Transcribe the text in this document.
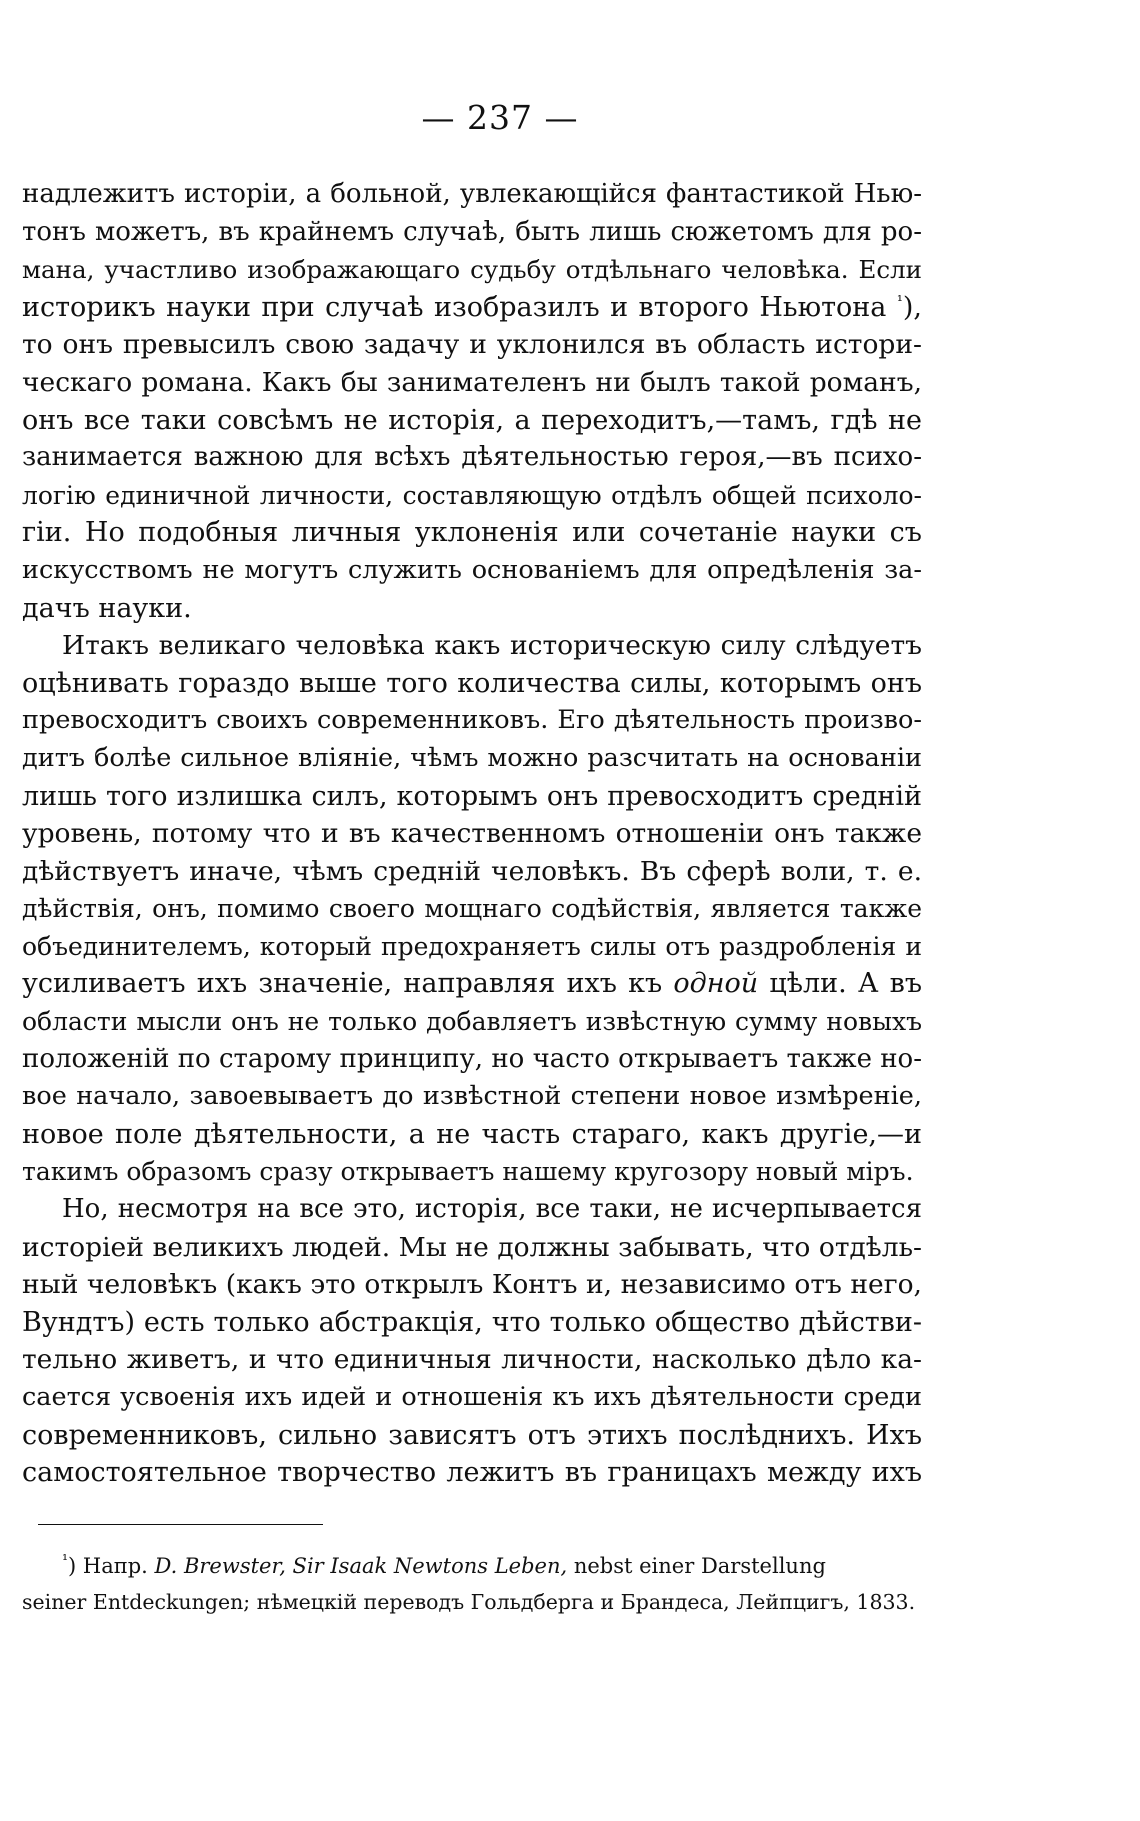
— 237 —
надлежитъ исторіи, а больной, увлекающійся фантастикой Нью-
тонъ можетъ, въ крайнемъ случаѣ, быть лишь сюжетомъ для ро-
мана, участливо изображающаго судьбу отдѣльнаго человѣка. Если
историкъ науки при случаѣ изобразилъ и второго Ньютона $^{^1}$),
то онъ превысилъ свою задачу и уклонился въ область истори-
ческаго романа. Какъ бы занимателенъ ни былъ такой романъ,
онъ все таки совсѣмъ не исторія, а переходитъ,—тамъ, гдѣ не
занимается важною для всѣхъ дѣятельностью героя,—въ психо-
логію единичной личности, составляющую отдѣлъ общей психоло-
гіи. Но подобныя личныя уклоненія или сочетаніе науки съ
искусствомъ не могутъ служить основаніемъ для опредѣленія за-
дачъ науки.
Итакъ великаго человѣка какъ историческую силу слѣдуетъ
оцѣнивать гораздо выше того количества силы, которымъ онъ
превосходитъ своихъ современниковъ. Его дѣятельность произво-
дитъ болѣе сильное вліяніе, чѣмъ можно разсчитать на основаніи
лишь того излишка силъ, которымъ онъ превосходитъ средній
уровень, потому что и въ качественномъ отношеніи онъ также
дѣйствуетъ иначе, чѣмъ средній человѣкъ. Въ сферѣ воли, т. е.
дѣйствія, онъ, помимо своего мощнаго содѣйствія, является также
объединителемъ, который предохраняетъ силы отъ раздробленія и
усиливаетъ ихъ значеніе, направляя ихъ къ одной цѣли. А въ
области мысли онъ не только добавляетъ извѣстную сумму новыхъ
положеній по старому принципу, но часто открываетъ также но-
вое начало, завоевываетъ до извѣстной степени новое измѣреніе,
новое поле дѣятельности, а не часть стараго, какъ другіе,—и
такимъ образомъ сразу открываетъ нашему кругозору новый міръ.
Но, несмотря на все это, исторія, все таки, не исчерпывается
исторіей великихъ людей. Мы не должны забывать, что отдѣль-
ный человѣкъ (какъ это открылъ Контъ и, независимо отъ него,
Вундтъ) есть только абстракція, что только общество дѣйстви-
тельно живетъ, и что единичныя личности, насколько дѣло ка-
сается усвоенія ихъ идей и отношенія къ ихъ дѣятельности среди
современниковъ, сильно зависятъ отъ этихъ послѣднихъ. Ихъ
самостоятельное творчество лежитъ въ границахъ между ихъ
$^{^1}$) Напр. D. Brewster, Sir Isaak Newtons Leben, nebst einer Darstellung
seiner Entdeckungen; нѣмецкій переводъ Гольдберга и Брандеса, Лейпцигъ, 1833.
